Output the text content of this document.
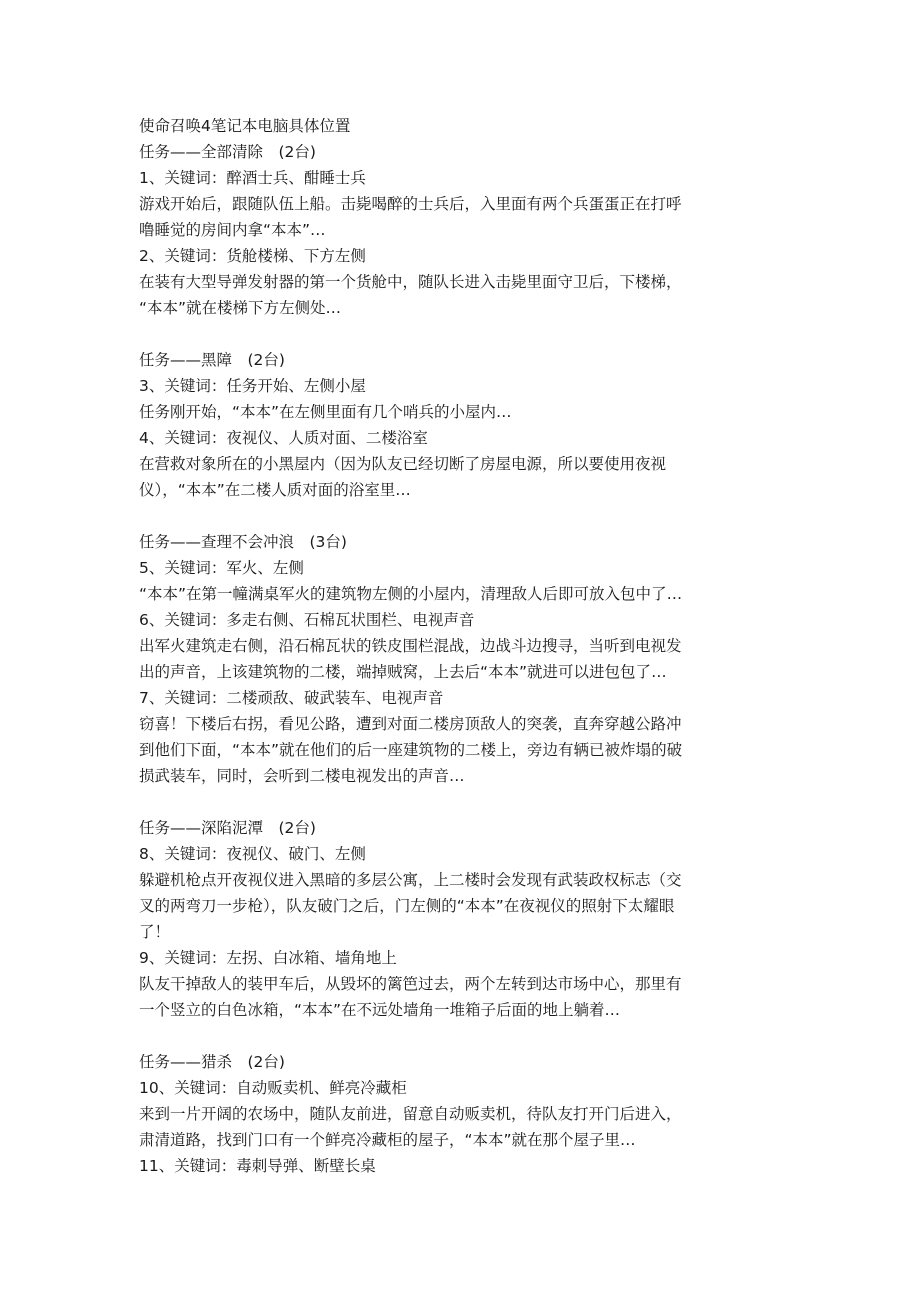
使命召唤4笔记本电脑具体位置
任务——全部清除　(2台)
1、关键词：醉酒士兵、酣睡士兵
游戏开始后，跟随队伍上船。击毙喝醉的士兵后，入里面有两个兵蛋蛋正在打呼
噜睡觉的房间内拿“本本”…
2、关键词：货舱楼梯、下方左侧
在装有大型导弹发射器的第一个货舱中，随队长进入击毙里面守卫后，下楼梯，
“本本”就在楼梯下方左侧处…
任务——黑障　(2台)
3、关键词：任务开始、左侧小屋
任务刚开始，“本本”在左侧里面有几个哨兵的小屋内…
4、关键词：夜视仪、人质对面、二楼浴室
在营救对象所在的小黑屋内（因为队友已经切断了房屋电源，所以要使用夜视
仪），“本本”在二楼人质对面的浴室里…
任务——查理不会冲浪　(3台)
5、关键词：军火、左侧
“本本”在第一幢满桌军火的建筑物左侧的小屋内，清理敌人后即可放入包中了…
6、关键词：多走右侧、石棉瓦状围栏、电视声音
出军火建筑走右侧，沿石棉瓦状的铁皮围栏混战，边战斗边搜寻，当听到电视发
出的声音，上该建筑物的二楼，端掉贼窝，上去后“本本”就进可以进包包了…
7、关键词：二楼顽敌、破武装车、电视声音
窃喜！下楼后右拐，看见公路，遭到对面二楼房顶敌人的突袭，直奔穿越公路冲
到他们下面，“本本”就在他们的后一座建筑物的二楼上，旁边有辆已被炸塌的破
损武装车，同时，会听到二楼电视发出的声音…
任务——深陷泥潭　(2台)
8、关键词：夜视仪、破门、左侧
躲避机枪点开夜视仪进入黑暗的多层公寓，上二楼时会发现有武装政权标志（交
叉的两弯刀一步枪），队友破门之后，门左侧的“本本”在夜视仪的照射下太耀眼
了！
9、关键词：左拐、白冰箱、墙角地上
队友干掉敌人的装甲车后，从毁坏的篱笆过去，两个左转到达市场中心，那里有
一个竖立的白色冰箱，“本本”在不远处墙角一堆箱子后面的地上躺着…
任务——猎杀　(2台)
10、关键词：自动贩卖机、鲜亮冷藏柜
来到一片开阔的农场中，随队友前进，留意自动贩卖机，待队友打开门后进入，
肃清道路，找到门口有一个鲜亮冷藏柜的屋子，“本本”就在那个屋子里…
11、关键词：毒刺导弹、断壁长桌
